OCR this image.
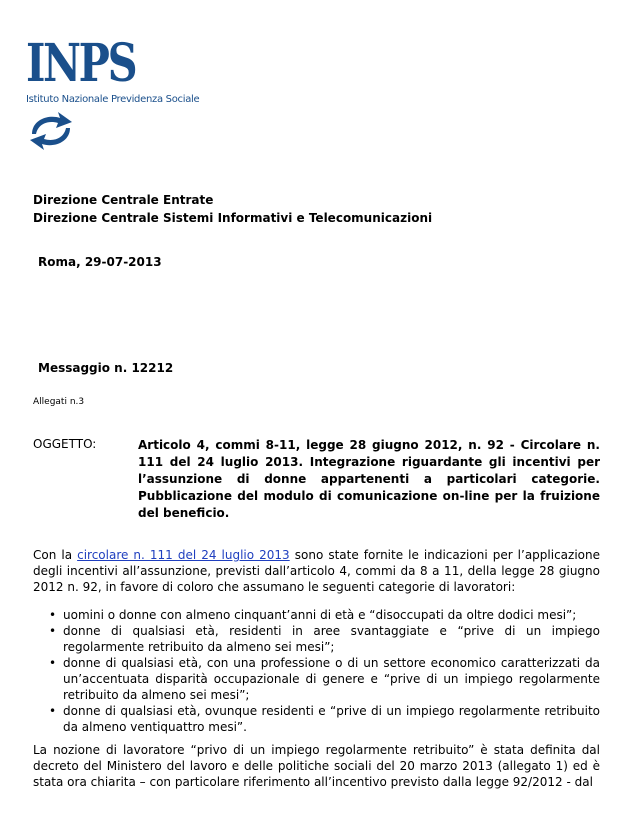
INPS
Istituto Nazionale Previdenza Sociale
Direzione Centrale Entrate
Direzione Centrale Sistemi Informativi e Telecomunicazioni
Roma, 29-07-2013
Messaggio n. 12212
Allegati n.3
OGGETTO:	Articolo 4, commi 8-11, legge 28 giugno 2012, n. 92 - Circolare n. 111 del 24 luglio 2013. Integrazione riguardante gli incentivi per l’assunzione di donne appartenenti a particolari categorie. Pubblicazione del modulo di comunicazione on-line per la fruizione del beneficio.
Con la circolare n. 111 del 24 luglio 2013 sono state fornite le indicazioni per l’applicazione degli incentivi all’assunzione, previsti dall’articolo 4, commi da 8 a 11, della legge 28 giugno 2012 n. 92, in favore di coloro che assumano le seguenti categorie di lavoratori:
• uomini o donne con almeno cinquant’anni di età e “disoccupati da oltre dodici mesi”;
• donne di qualsiasi età, residenti in aree svantaggiate e “prive di un impiego regolarmente retribuito da almeno sei mesi”;
• donne di qualsiasi età, con una professione o di un settore economico caratterizzati da un’accentuata disparità occupazionale di genere e “prive di un impiego regolarmente retribuito da almeno sei mesi”;
• donne di qualsiasi età, ovunque residenti e “prive di un impiego regolarmente retribuito da almeno ventiquattro mesi”.
La nozione di lavoratore “privo di un impiego regolarmente retribuito” è stata definita dal decreto del Ministero del lavoro e delle politiche sociali del 20 marzo 2013 (allegato 1) ed è stata ora chiarita – con particolare riferimento all’incentivo previsto dalla legge 92/2012 - dal
